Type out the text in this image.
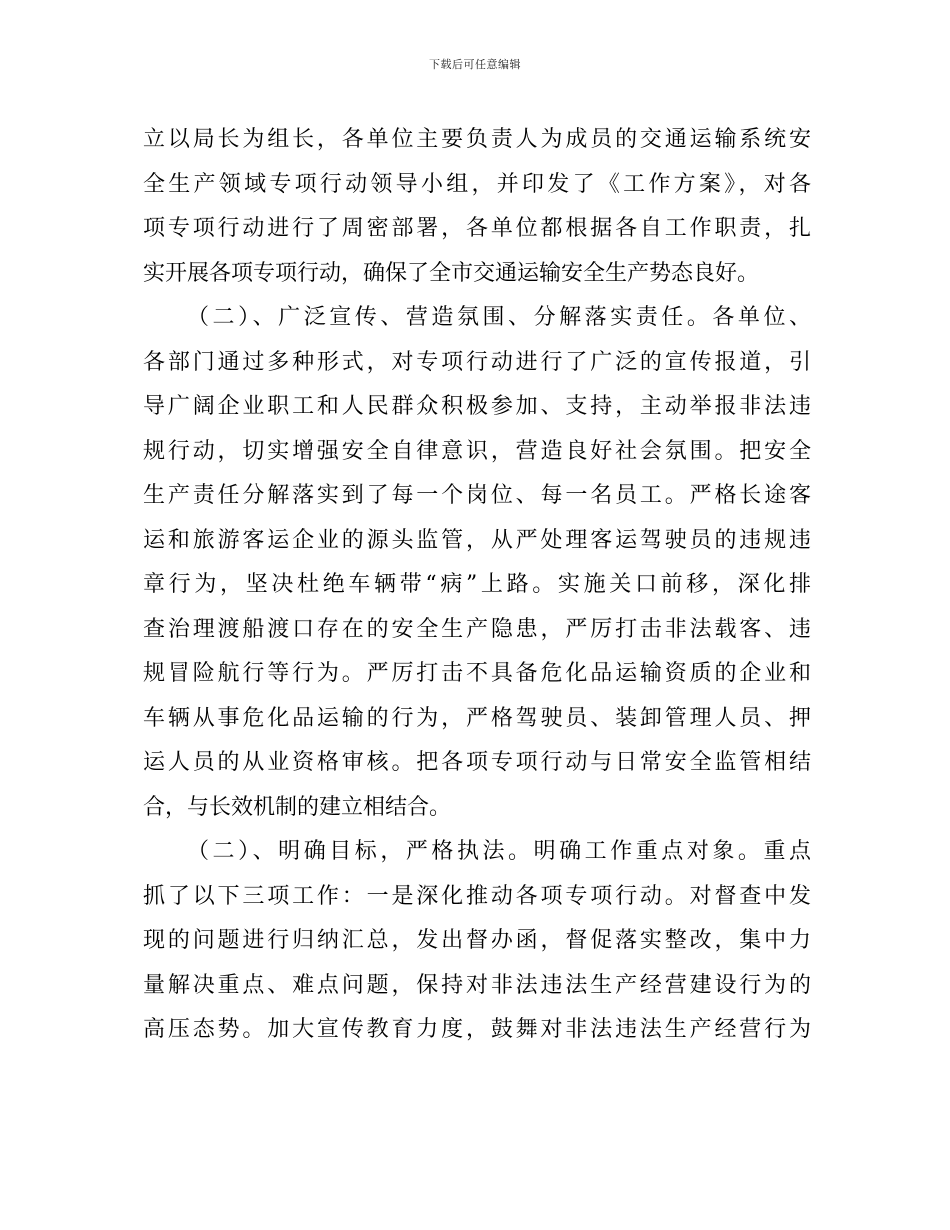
下载后可任意编辑
立以局长为组长，各单位主要负责人为成员的交通运输系统安
全生产领域专项行动领导小组，并印发了《工作方案》，对各
项专项行动进行了周密部署，各单位都根据各自工作职责，扎
实开展各项专项行动，确保了全市交通运输安全生产势态良好。
（二）、广泛宣传、营造氛围、分解落实责任。各单位、
各部门通过多种形式，对专项行动进行了广泛的宣传报道，引
导广阔企业职工和人民群众积极参加、支持，主动举报非法违
规行动，切实增强安全自律意识，营造良好社会氛围。把安全
生产责任分解落实到了每一个岗位、每一名员工。严格长途客
运和旅游客运企业的源头监管，从严处理客运驾驶员的违规违
章行为，坚决杜绝车辆带“病”上路。实施关口前移，深化排
查治理渡船渡口存在的安全生产隐患，严厉打击非法载客、违
规冒险航行等行为。严厉打击不具备危化品运输资质的企业和
车辆从事危化品运输的行为，严格驾驶员、装卸管理人员、押
运人员的从业资格审核。把各项专项行动与日常安全监管相结
合，与长效机制的建立相结合。
（二）、明确目标，严格执法。明确工作重点对象。重点
抓了以下三项工作：一是深化推动各项专项行动。对督查中发
现的问题进行归纳汇总，发出督办函，督促落实整改，集中力
量解决重点、难点问题，保持对非法违法生产经营建设行为的
高压态势。加大宣传教育力度，鼓舞对非法违法生产经营行为
